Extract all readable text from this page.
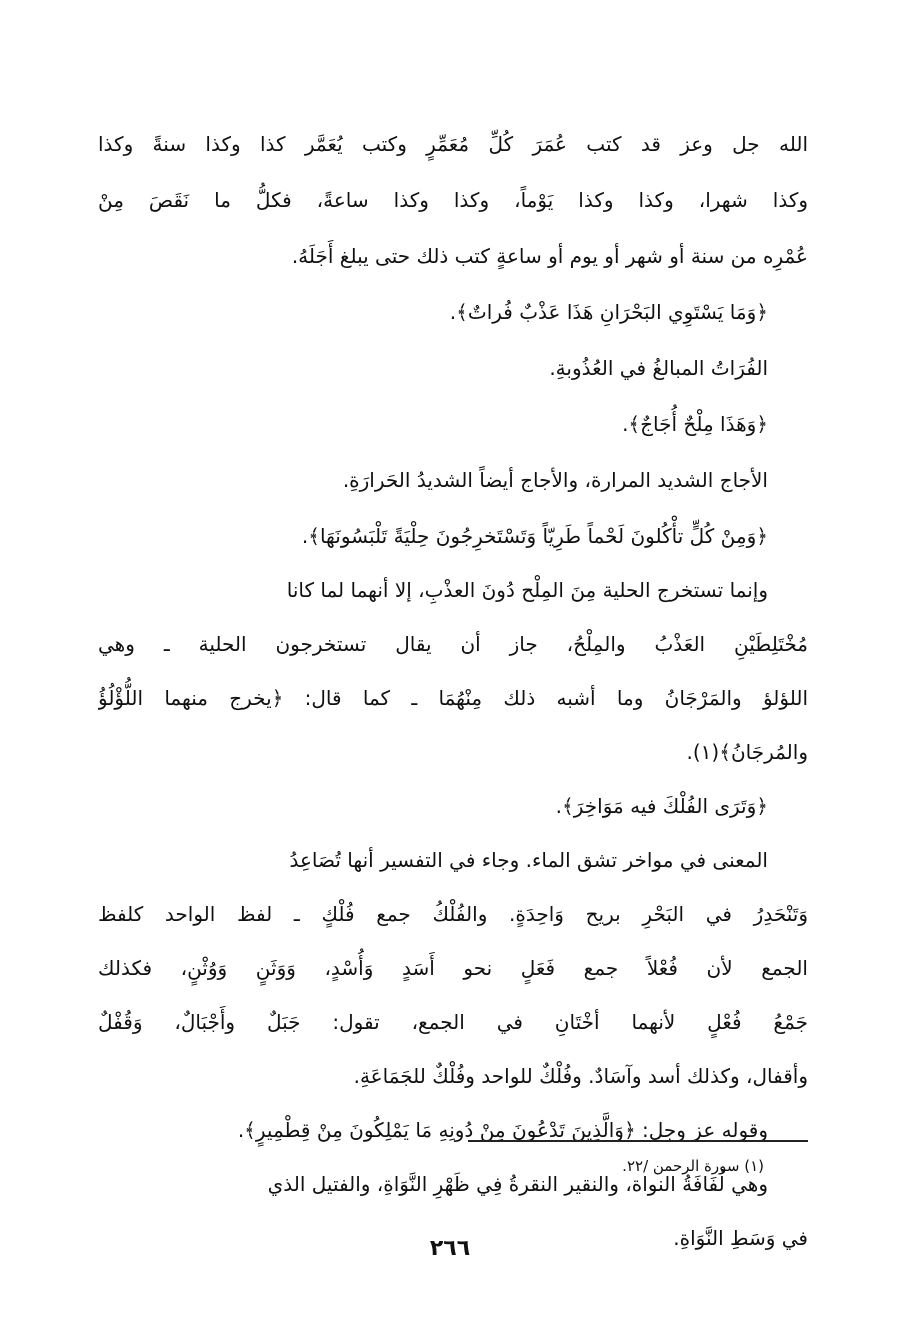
الله جل وعز قد كتب عُمَرَ كُلِّ مُعَمِّرٍ وكتب يُعَمَّر كذا وكذا سنةً وكذا
وكذا شهرا، وكذا وكذا يَوْماً، وكذا وكذا ساعةً، فكلُّ ما نَقَصَ مِنْ
عُمْرِه من سنة أو شهر أو يوم أو ساعةٍ كتب ذلك حتى يبلغ أَجَلَهُ.
﴿وَمَا يَسْتَوِي البَحْرَانِ هَذَا عَذْبٌ فُراتٌ﴾.
الفُرَاتُ المبالغُ في العُذُوبةِ.
﴿وَهَذَا مِلْحٌ أُجَاجٌ﴾.
الأجاج الشديد المرارة، والأجاج أيضاً الشديدُ الحَرارَةِ.
﴿وَمِنْ كُلٍّ تأْكُلونَ لَحْماً طَرِيّاً وَتَسْتَخرِجُونَ حِلْيَةً تَلْبَسُونَهَا﴾.
وإنما تستخرج الحلية مِنَ المِلْح دُونَ العذْبِ، إلا أنهما لما كانا
مُخْتَلِطَيْنِ العَذْبُ والمِلْحُ، جاز أن يقال تستخرجون الحلية ـ وهي
اللؤلؤ والمَرْجَانُ وما أشبه ذلك مِنْهُمَا ـ كما قال: ﴿يخرج منهما اللُّؤْلُؤُ
والمُرجَانُ﴾(١).
﴿وَتَرَى الفُلْكَ فيه مَوَاخِرَ﴾.
المعنى في مواخر تشق الماء. وجاء في التفسير أنها تُصَاعِدُ
وَتَنْحَدِرُ في البَحْرِ بريح وَاحِدَةٍ. والفُلْكُ جمع فُلْكٍ ـ لفظ الواحد كلفظ
الجمع لأن فُعْلاً جمع فَعَلٍ نحو أَسَدٍ وَأُسْدٍ، وَوَثَنٍ وَوُثْنٍ، فكذلك
جَمْعُ فُعْلٍ لأنهما أخْتَانِ في الجمع، تقول: جَبَلٌ وأَجْبَالٌ، وَقُفْلٌ
وأقفال، وكذلك أسد وآسَادٌ. وفُلْكٌ للواحد وفُلْكٌ للجَمَاعَةِ.
وقوله عز وجل: ﴿وَالَّذِينَ تَدْعُونَ مِنْ دُونِهِ مَا يَمْلِكُونَ مِنْ قِطْمِيرٍ﴾.
وهي لُفَافَةُ النواة، والنقير النقرةُ فِي ظَهْرِ النَّوَاةِ، والفتيل الذي
في وَسَطِ النَّوَاةِ.
(١) سورة الرحمن /٢٢.
٢٦٦
